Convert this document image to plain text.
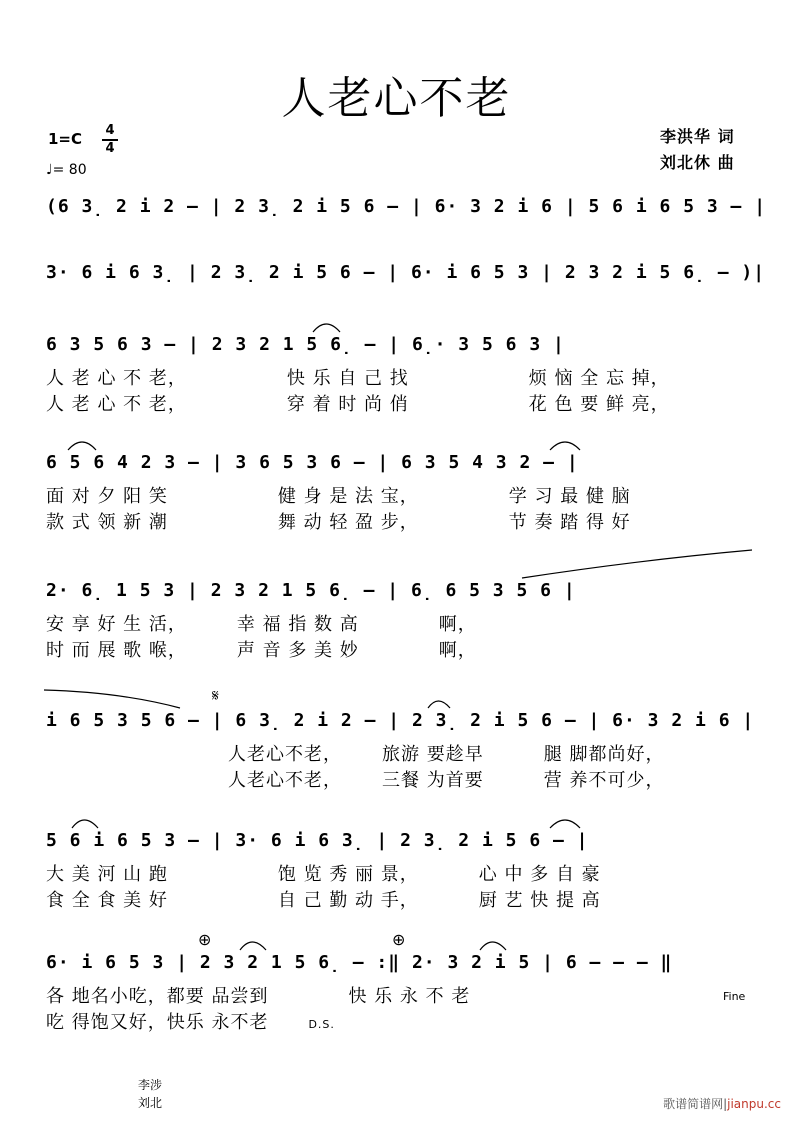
人老心不老
1=C 4
4
♩= 80
李洪华 词
刘北休 曲
(6 3̣ 2 i 2 – | 2 3̣ 2 i 5 6 – | 6· 3 2 i 6 | 5 6 i 6 5 3 – |
3· 6 i 6 3̣ | 2 3̣ 2 i 5 6 – | 6· i 6 5 3 | 2 3 2 i 5 6̣ – )|
6 3 5 6 3 – | 2 3 2 1 5 6̣ – | 6̣· 3 5 6 3 |
6 5 6 4 2 3 – | 3 6 5 3 6 – | 6 3 5 4 3 2 – |
2· 6̣ 1 5 3 | 2 3 2 1 5 6̣ – | 6̣ 6 5 3 5 6 |
i 6 5 3 5 6 – | 6 3̣ 2 i 2 – | 2 3̣ 2 i 5 6 – | 6· 3 2 i 6 |
5 6 i 6 5 3 – | 3· 6 i 6 3̣ | 2 3̣ 2 i 5 6 – |
6· i 6 5 3 | 2 3 2 1 5 6̣ – :‖ 2· 3 2 i 5 | 6 – – – ‖
人 老 心 不 老，	快 乐 自 己 找	烦 恼 全 忘 掉，
人 老 心 不 老，	穿 着 时 尚 俏	花 色 要 鲜 亮，
面 对 夕 阳 笑	健 身 是 法 宝，	学 习 最 健 脑
款 式 领 新 潮	舞 动 轻 盈 步，	节 奏 踏 得 好
安 享 好 生 活，	幸 福 指 数 高	啊，
时 而 展 歌 喉，	声 音 多 美 妙	啊，
人老心不老， 旅游 要趁早	腿 脚都尚好，
人老心不老， 三餐 为首要	营 养不可少，
大 美 河 山 跑	饱 览 秀 丽 景，	心 中 多 自 豪
食 全 食 美 好	自 己 勤 动 手，	厨 艺 快 提 高
各 地名小吃，都要 品尝到	快 乐 永 不 老
吃 得饱又好，快乐 永不老	D.S.
Fine
𝄋
⊕	⊕
李涉
刘北	歌谱简谱网|jianpu.cc
